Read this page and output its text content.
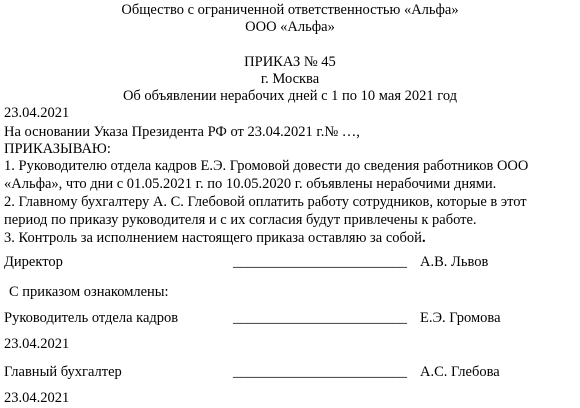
Общество с ограниченной ответственностью «Альфа»
ООО «Альфа»
ПРИКАЗ № 45
г. Москва
Об объявлении нерабочих дней с 1 по 10 мая 2021 год
23.04.2021
На основании Указа Президента РФ от 23.04.2021 г.№ …,
ПРИКАЗЫВАЮ:
1. Руководителю отдела кадров Е.Э. Громовой довести до сведения работников ООО
«Альфа», что дни с 01.05.2021 г. по 10.05.2020 г. объявлены нерабочими днями.
2. Главному бухгалтеру А. С. Глебовой оплатить работу сотрудников, которые в этот
период по приказу руководителя и с их согласия будут привлечены к работе.
3. Контроль за исполнением настоящего приказа оставляю за собой.
Директор	________________________ А.В. Львов
С приказом ознакомлены:
Руководитель отдела кадров	________________________ Е.Э. Громова
23.04.2021
Главный бухгалтер	________________________ А.С. Глебова
23.04.2021
